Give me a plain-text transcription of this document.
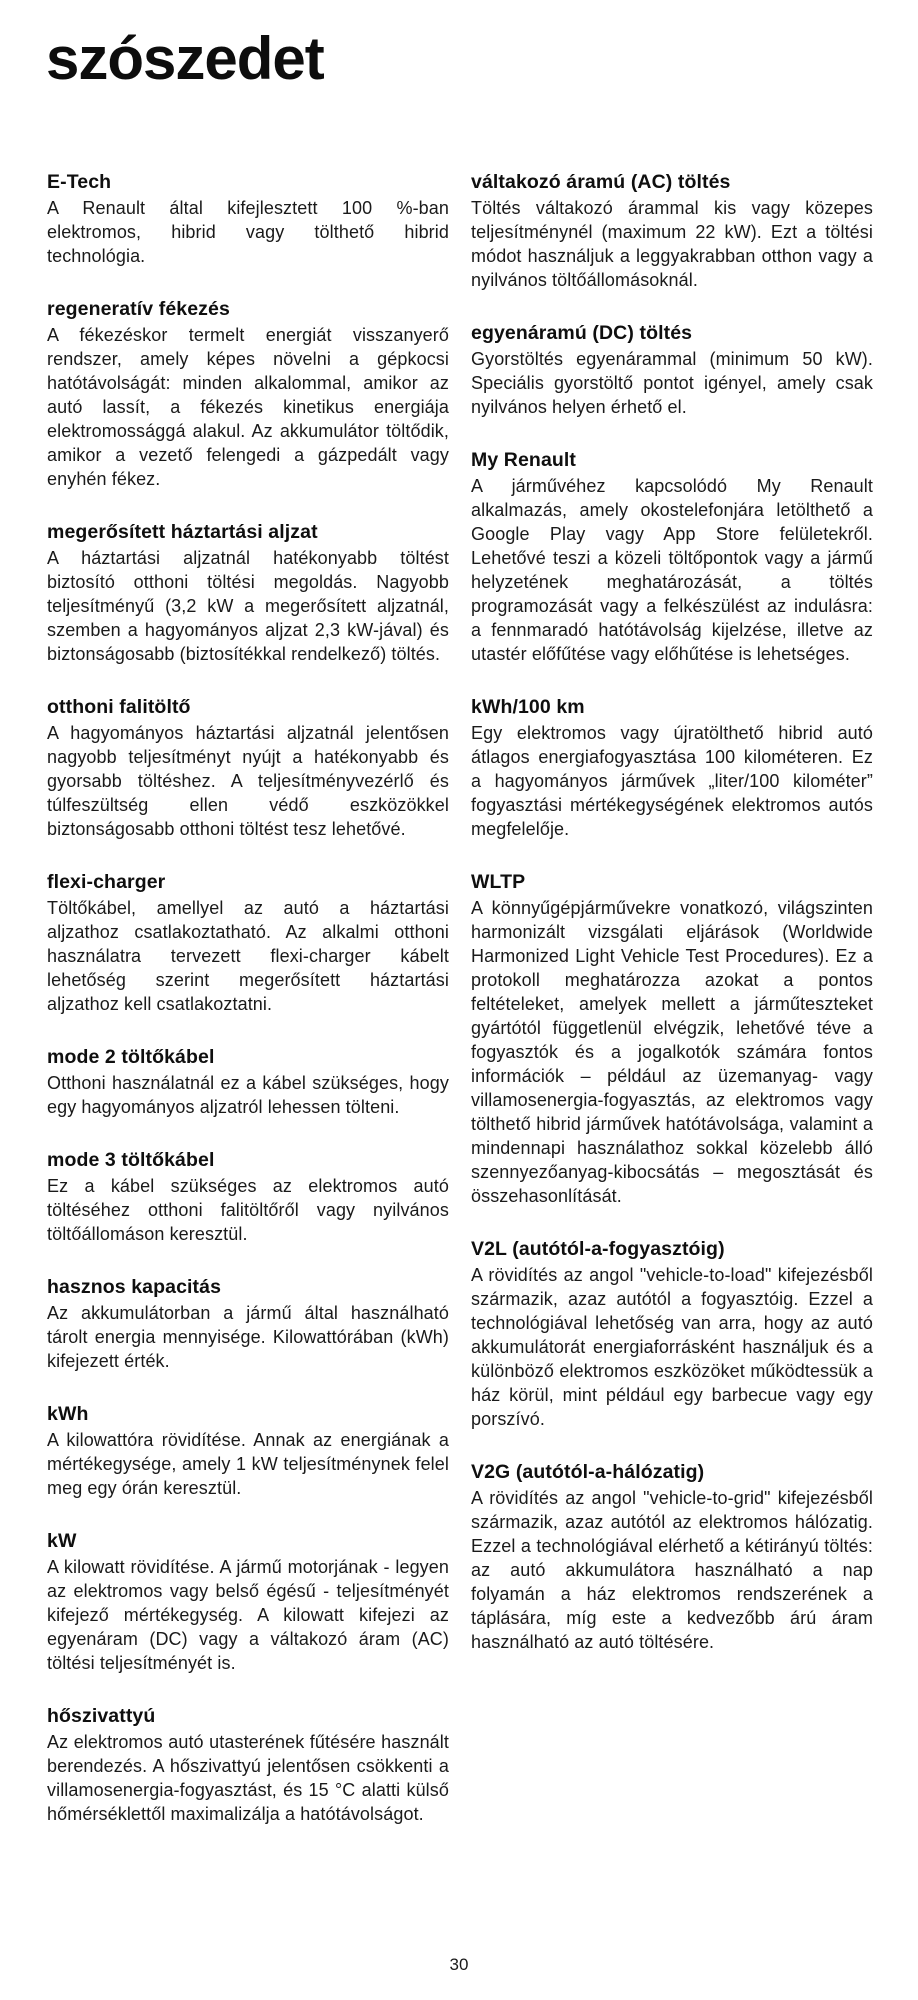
szószedet
E-Tech

A Renault által kifejlesztett 100 %-ban elektromos, hibrid vagy tölthető hibrid technológia.

regeneratív fékezés

A fékezéskor termelt energiát visszanyerő rendszer, amely képes növelni a gépkocsi hatótávolságát: minden alkalommal, amikor az autó lassít, a fékezés kinetikus energiája elektromossággá alakul. Az akkumulátor töltődik, amikor a vezető felengedi a gázpedált vagy enyhén fékez.

megerősített háztartási aljzat

A háztartási aljzatnál hatékonyabb töltést biztosító otthoni töltési megoldás. Nagyobb teljesítményű (3,2 kW a megerősített aljzatnál, szemben a hagyományos aljzat 2,3 kW-jával) és biztonságosabb (biztosítékkal rendelkező) töltés.

otthoni falitöltő

A hagyományos háztartási aljzatnál jelentősen nagyobb teljesítményt nyújt a hatékonyabb és gyorsabb töltéshez. A teljesítményvezérlő és túlfeszültség ellen védő eszközökkel biztonságosabb otthoni töltést tesz lehetővé.

flexi-charger

Töltőkábel, amellyel az autó a háztartási aljzathoz csatlakoztatható. Az alkalmi otthoni használatra tervezett flexi-charger kábelt lehetőség szerint megerősített háztartási aljzathoz kell csatlakoztatni.

mode 2 töltőkábel

Otthoni használatnál ez a kábel szükséges, hogy egy hagyományos aljzatról lehessen tölteni.

mode 3 töltőkábel

Ez a kábel szükséges az elektromos autó töltéséhez otthoni falitöltőről vagy nyilvános töltőállomáson keresztül.

hasznos kapacitás

Az akkumulátorban a jármű által használható tárolt energia mennyisége. Kilowattórában (kWh) kifejezett érték.

kWh

A kilowattóra rövidítése. Annak az energiának a mértékegysége, amely 1 kW teljesítménynek felel meg egy órán keresztül.

kW

A kilowatt rövidítése. A jármű motorjának - legyen az elektromos vagy belső égésű - teljesítményét kifejező mértékegység. A kilowatt kifejezi az egyenáram (DC) vagy a váltakozó áram (AC) töltési teljesítményét is.

hőszivattyú

Az elektromos autó utasterének fűtésére használt berendezés. A hőszivattyú jelentősen csökkenti a villamosenergia-fogyasztást, és 15 °C alatti külső hőmérséklettől maximalizálja a hatótávolságot.

váltakozó áramú (AC) töltés

Töltés váltakozó árammal kis vagy közepes teljesítménynél (maximum 22 kW). Ezt a töltési módot használjuk a leggyakrabban otthon vagy a nyilvános töltőállomásoknál.

egyenáramú (DC) töltés

Gyorstöltés egyenárammal (minimum 50 kW). Speciális gyorstöltő pontot igényel, amely csak nyilvános helyen érhető el.

My Renault

A járművéhez kapcsolódó My Renault alkalmazás, amely okostelefonjára letölthető a Google Play vagy App Store felületekről. Lehetővé teszi a közeli töltőpontok vagy a jármű helyzetének meghatározását, a töltés programozását vagy a felkészülést az indulásra: a fennmaradó hatótávolság kijelzése, illetve az utastér előfűtése vagy előhűtése is lehetséges.

kWh/100 km

Egy elektromos vagy újratölthető hibrid autó átlagos energiafogyasztása 100 kilométeren. Ez a hagyományos járművek „liter/100 kilométer” fogyasztási mértékegységének elektromos autós megfelelője.

WLTP

A könnyűgépjárművekre vonatkozó, világszinten harmonizált vizsgálati eljárások (Worldwide Harmonized Light Vehicle Test Procedures). Ez a protokoll meghatározza azokat a pontos feltételeket, amelyek mellett a járműteszteket gyártótól függetlenül elvégzik, lehetővé téve a fogyasztók és a jogalkotók számára fontos információk – például az üzemanyag- vagy villamosenergia-fogyasztás, az elektromos vagy tölthető hibrid járművek hatótávolsága, valamint a mindennapi használathoz sokkal közelebb álló szennyezőanyag-kibocsátás – megosztását és összehasonlítását.

V2L (autótól-a-fogyasztóig)

A rövidítés az angol "vehicle-to-load" kifejezésből származik, azaz autótól a fogyasztóig. Ezzel a technológiával lehetőség van arra, hogy az autó akkumulátorát energiaforrásként használjuk és a különböző elektromos eszközöket működtessük a ház körül, mint például egy barbecue vagy egy porszívó.

V2G (autótól-a-hálózatig)

A rövidítés az angol "vehicle-to-grid" kifejezésből származik, azaz autótól az elektromos hálózatig. Ezzel a technológiával elérhető a kétirányú töltés: az autó akkumulátora használható a nap folyamán a ház elektromos rendszerének a táplására, míg este a kedvezőbb árú áram használható az autó töltésére.

30
